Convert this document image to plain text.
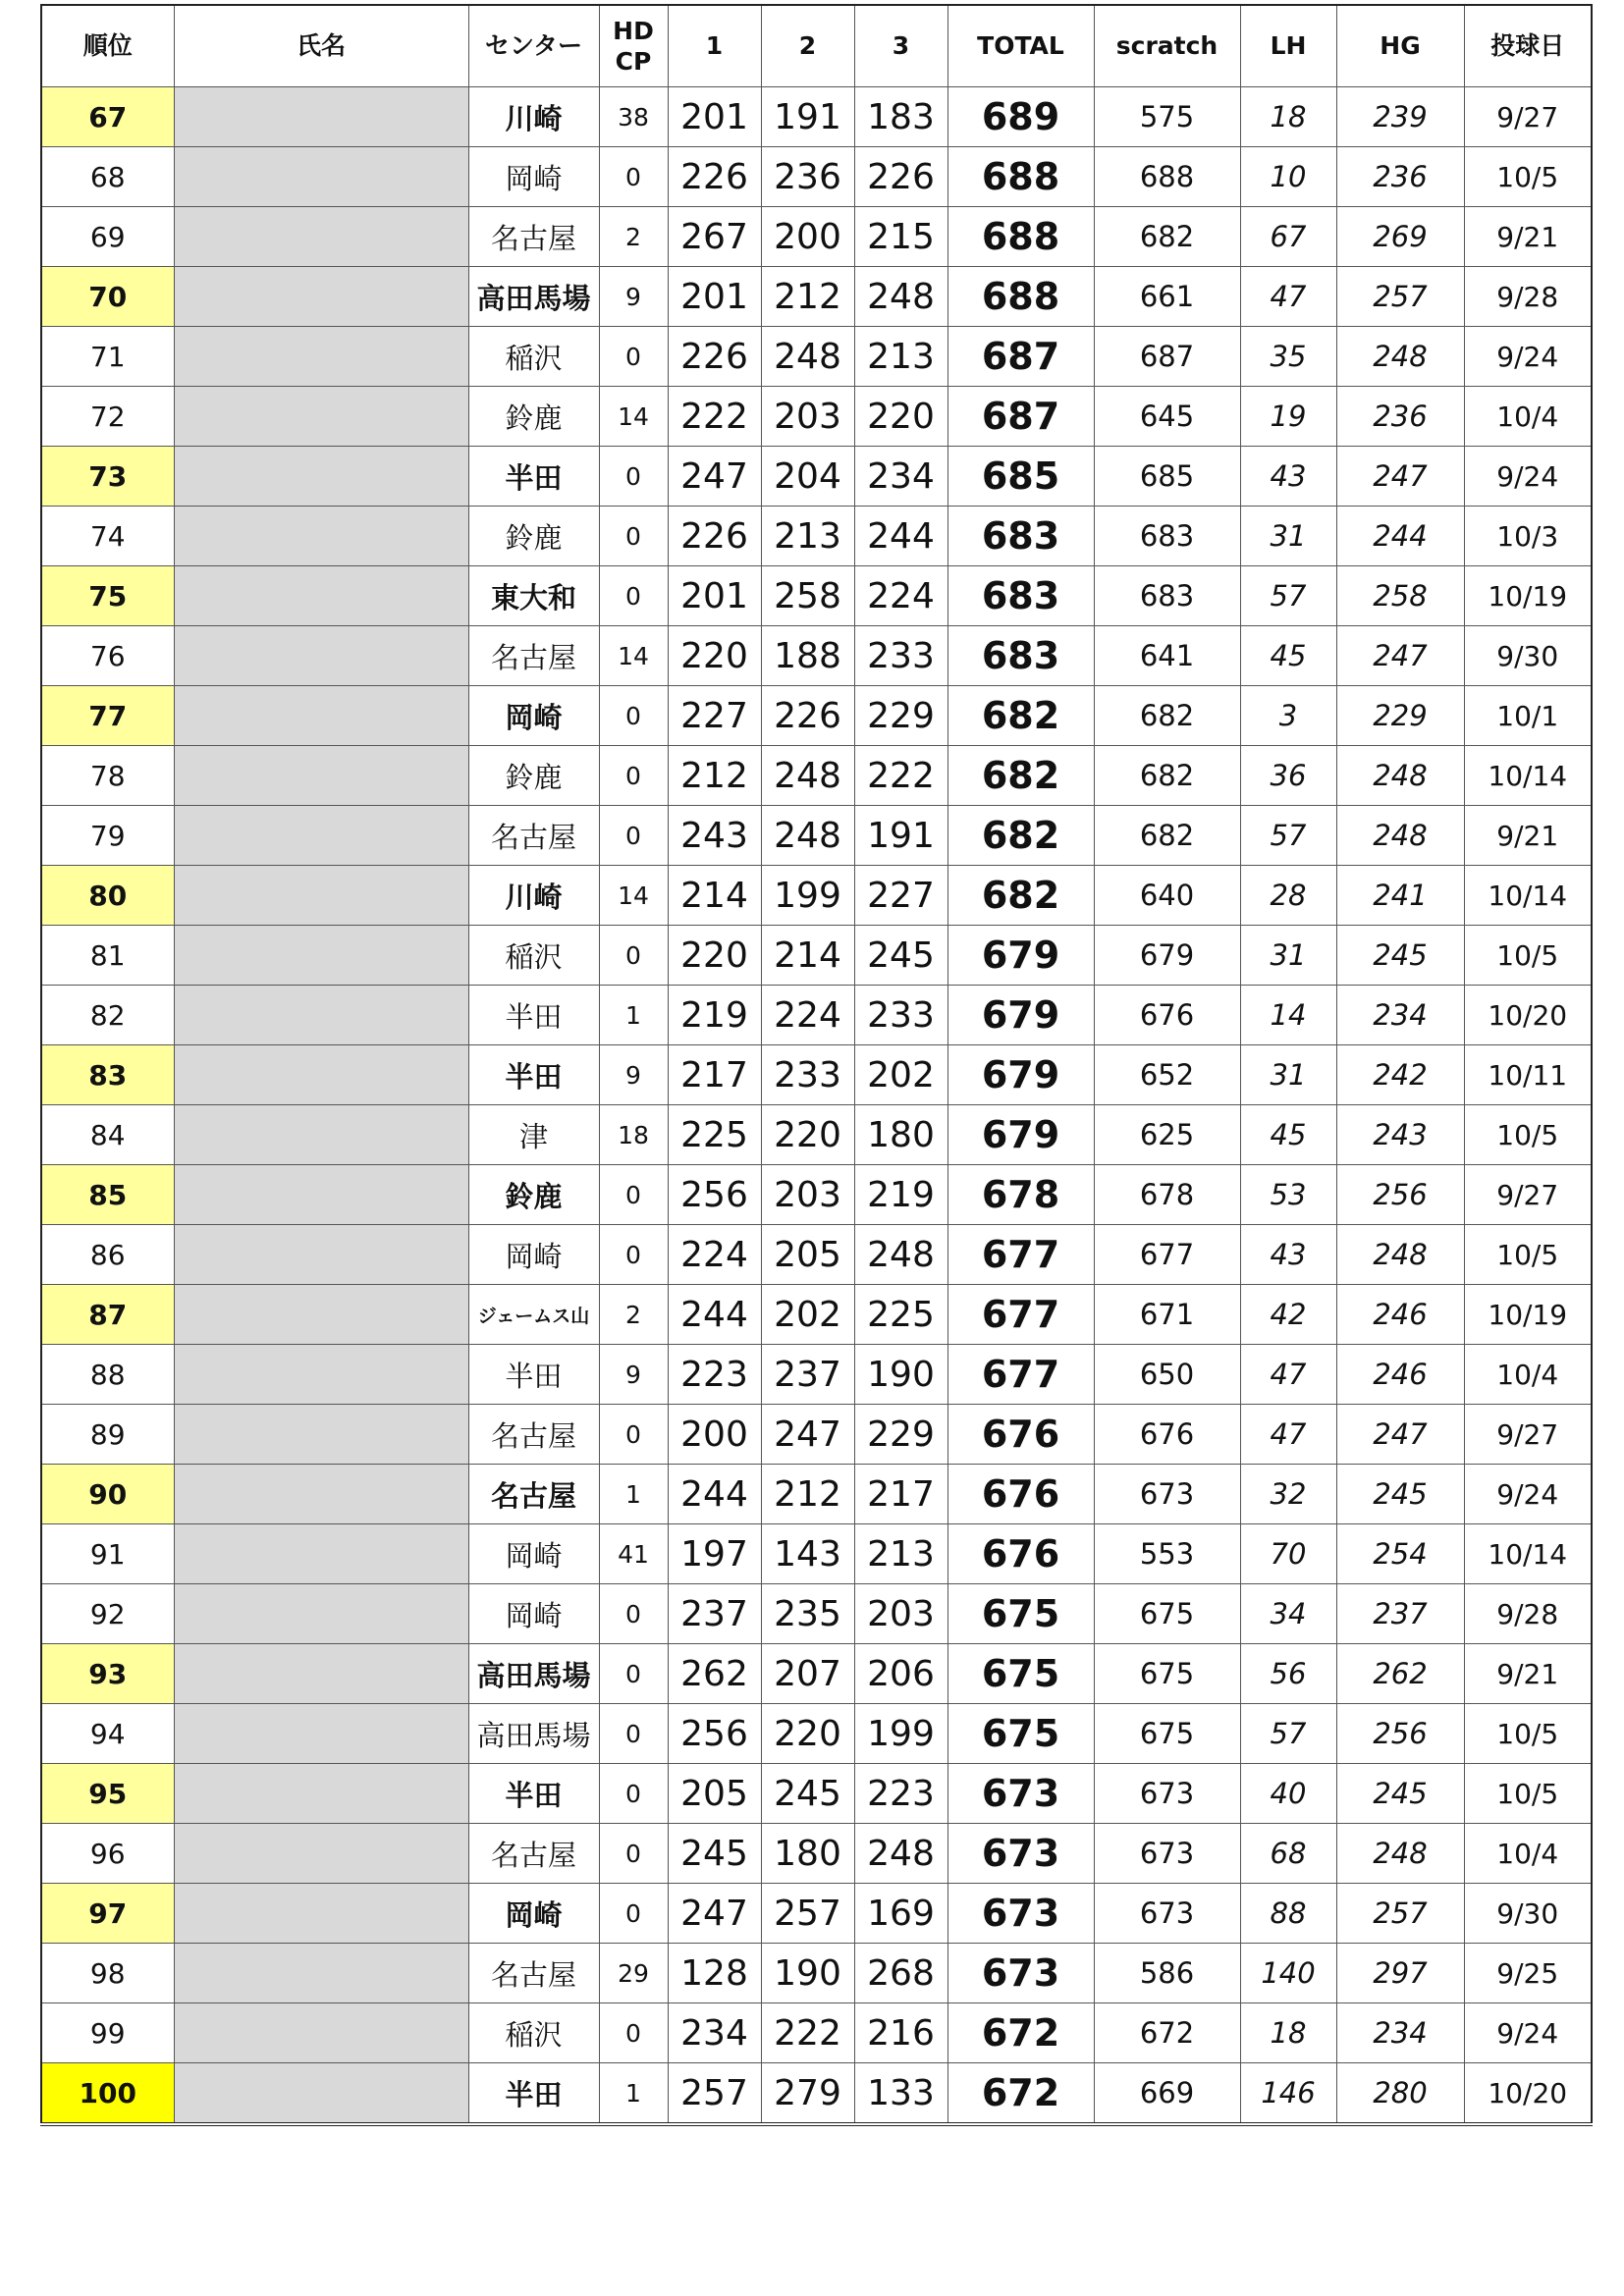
順位	氏名	センター	HD
CP	1	2	3	TOTAL	scratch	LH	HG	投球日
67		川崎	38	201	191	183	689	575	18	239	9/27
68		岡崎	0	226	236	226	688	688	10	236	10/5
69		名古屋	2	267	200	215	688	682	67	269	9/21
70		高田馬場	9	201	212	248	688	661	47	257	9/28
71		稲沢	0	226	248	213	687	687	35	248	9/24
72		鈴鹿	14	222	203	220	687	645	19	236	10/4
73		半田	0	247	204	234	685	685	43	247	9/24
74		鈴鹿	0	226	213	244	683	683	31	244	10/3
75		東大和	0	201	258	224	683	683	57	258	10/19
76		名古屋	14	220	188	233	683	641	45	247	9/30
77		岡崎	0	227	226	229	682	682	3	229	10/1
78		鈴鹿	0	212	248	222	682	682	36	248	10/14
79		名古屋	0	243	248	191	682	682	57	248	9/21
80		川崎	14	214	199	227	682	640	28	241	10/14
81		稲沢	0	220	214	245	679	679	31	245	10/5
82		半田	1	219	224	233	679	676	14	234	10/20
83		半田	9	217	233	202	679	652	31	242	10/11
84		津	18	225	220	180	679	625	45	243	10/5
85		鈴鹿	0	256	203	219	678	678	53	256	9/27
86		岡崎	0	224	205	248	677	677	43	248	10/5
87		ジェームス山	2	244	202	225	677	671	42	246	10/19
88		半田	9	223	237	190	677	650	47	246	10/4
89		名古屋	0	200	247	229	676	676	47	247	9/27
90		名古屋	1	244	212	217	676	673	32	245	9/24
91		岡崎	41	197	143	213	676	553	70	254	10/14
92		岡崎	0	237	235	203	675	675	34	237	9/28
93		高田馬場	0	262	207	206	675	675	56	262	9/21
94		高田馬場	0	256	220	199	675	675	57	256	10/5
95		半田	0	205	245	223	673	673	40	245	10/5
96		名古屋	0	245	180	248	673	673	68	248	10/4
97		岡崎	0	247	257	169	673	673	88	257	9/30
98		名古屋	29	128	190	268	673	586	140	297	9/25
99		稲沢	0	234	222	216	672	672	18	234	9/24
100		半田	1	257	279	133	672	669	146	280	10/20
